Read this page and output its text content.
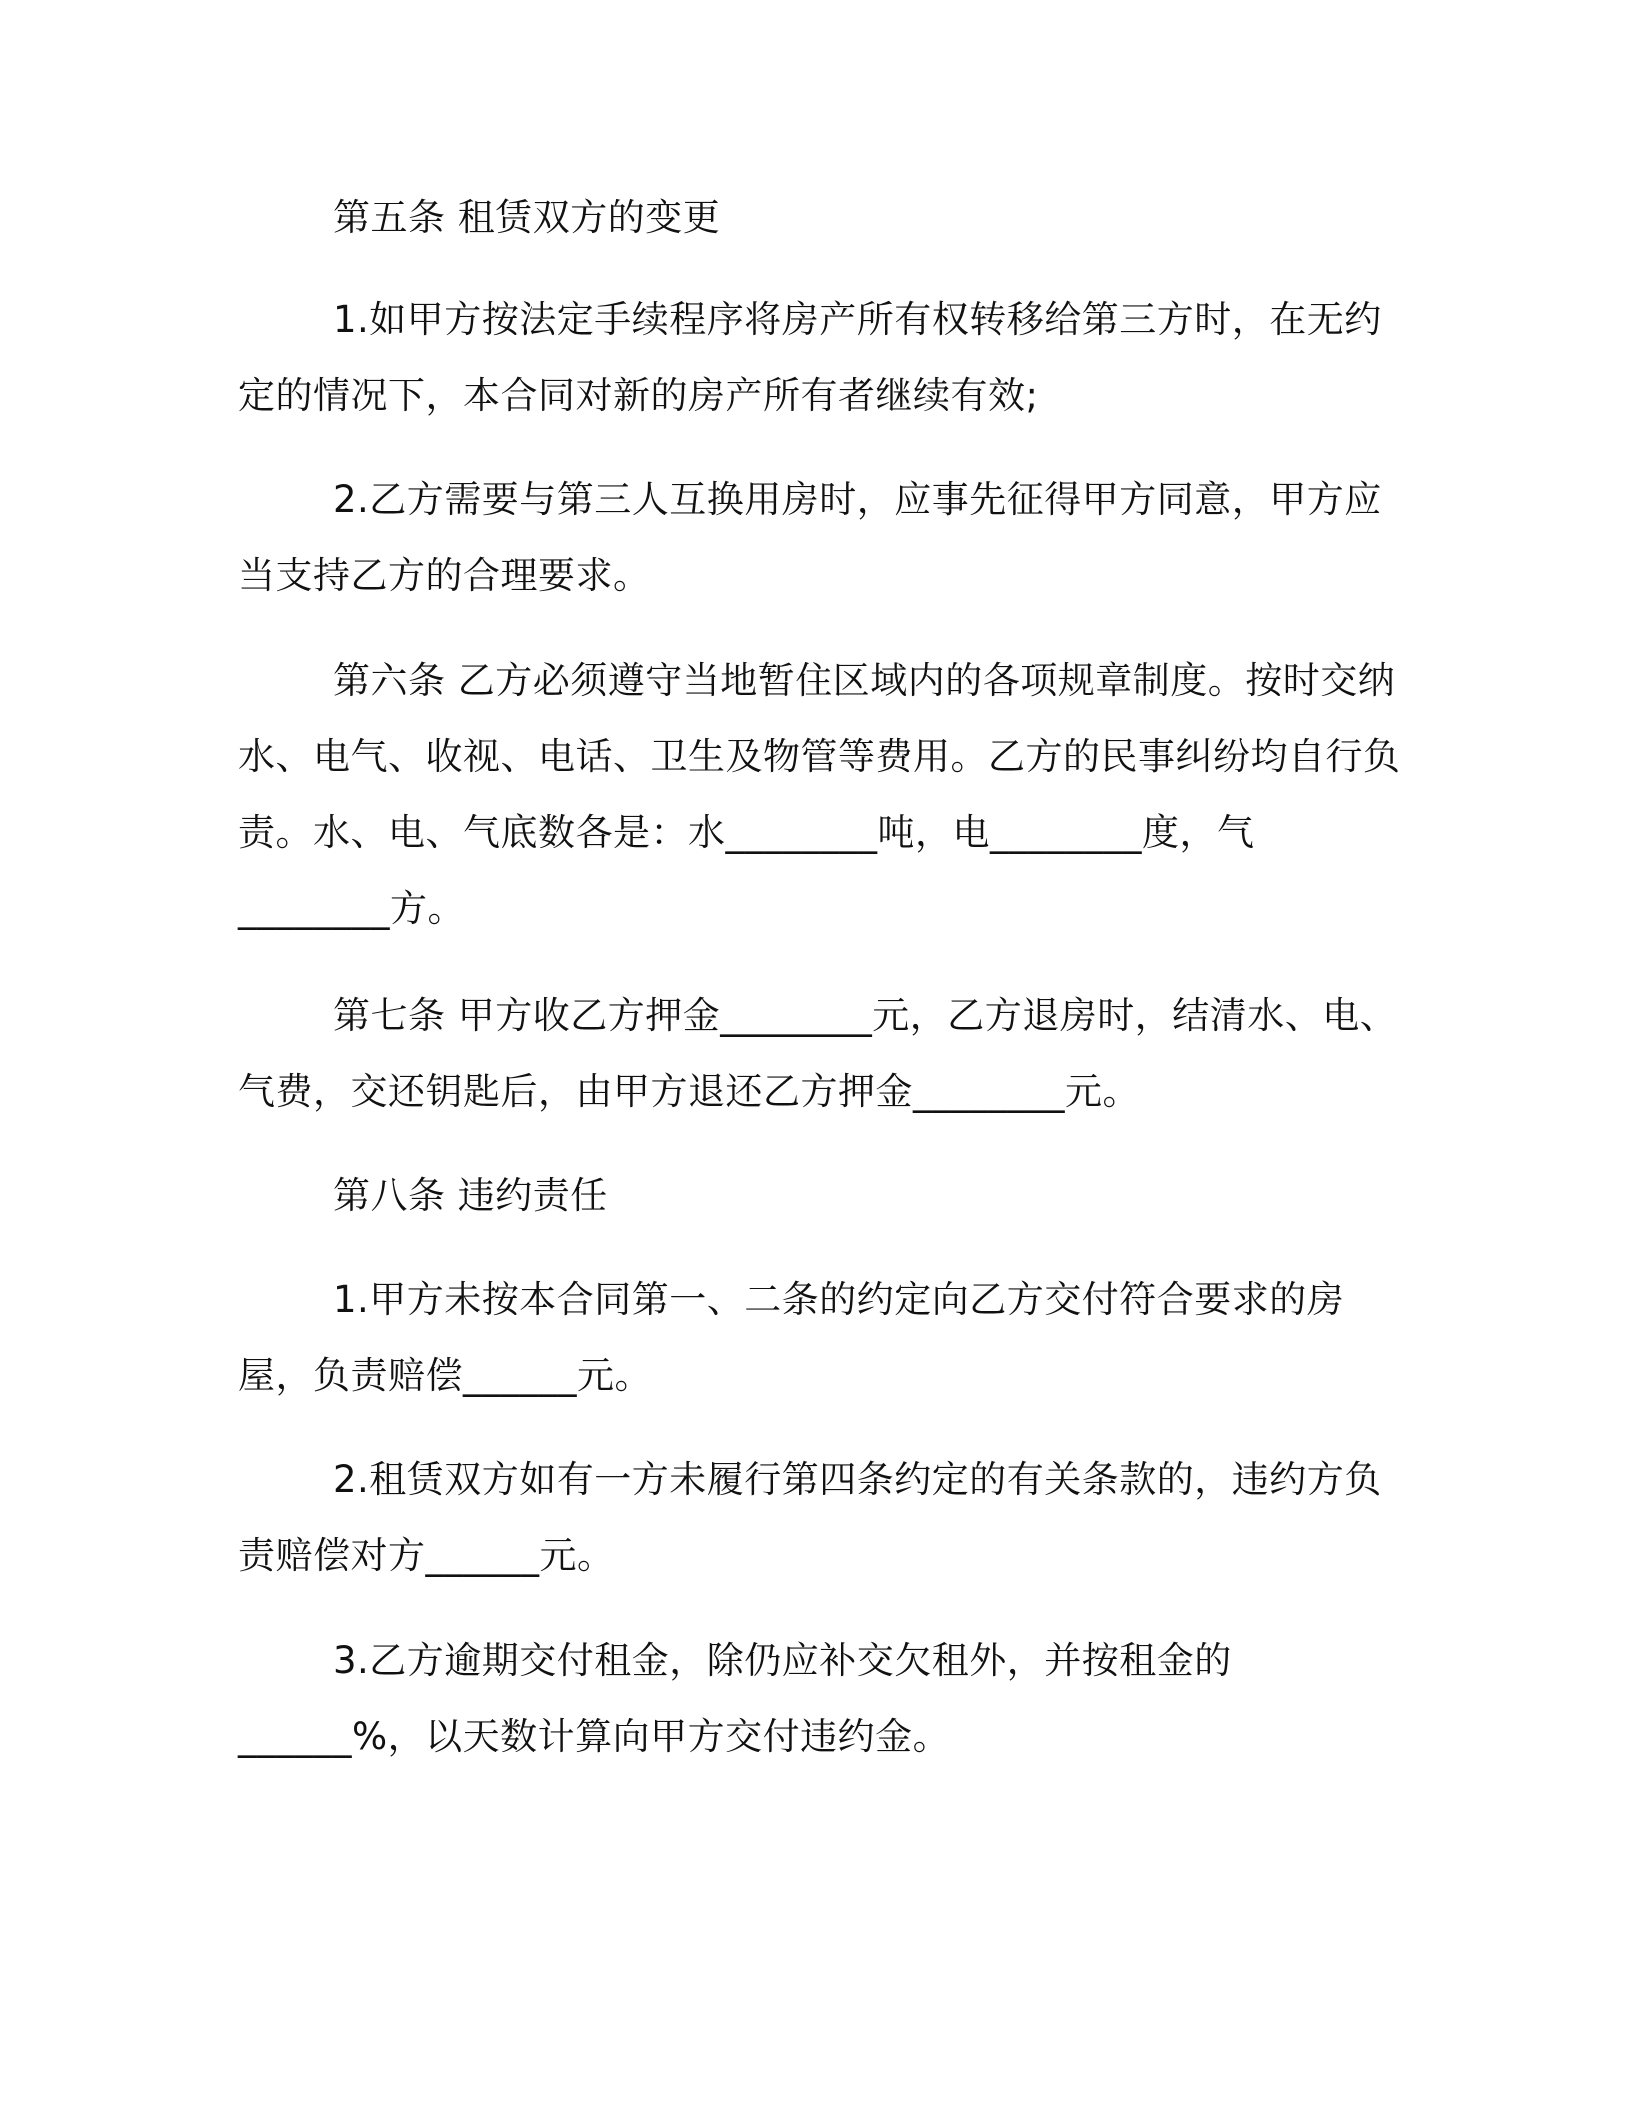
第五条 租赁双方的变更

1.如甲方按法定手续程序将房产所有权转移给第三方时，在无约定的情况下，本合同对新的房产所有者继续有效;

2.乙方需要与第三人互换用房时，应事先征得甲方同意，甲方应当支持乙方的合理要求。

第六条 乙方必须遵守当地暂住区域内的各项规章制度。按时交纳水、电气、收视、电话、卫生及物管等费用。乙方的民事纠纷均自行负责。水、电、气底数各是：水________吨，电________度，气________方。

第七条 甲方收乙方押金________元，乙方退房时，结清水、电、气费，交还钥匙后，由甲方退还乙方押金________元。

第八条 违约责任

1.甲方未按本合同第一、二条的约定向乙方交付符合要求的房屋，负责赔偿______元。

2.租赁双方如有一方未履行第四条约定的有关条款的，违约方负责赔偿对方______元。

3.乙方逾期交付租金，除仍应补交欠租外，并按租金的______%，以天数计算向甲方交付违约金。
